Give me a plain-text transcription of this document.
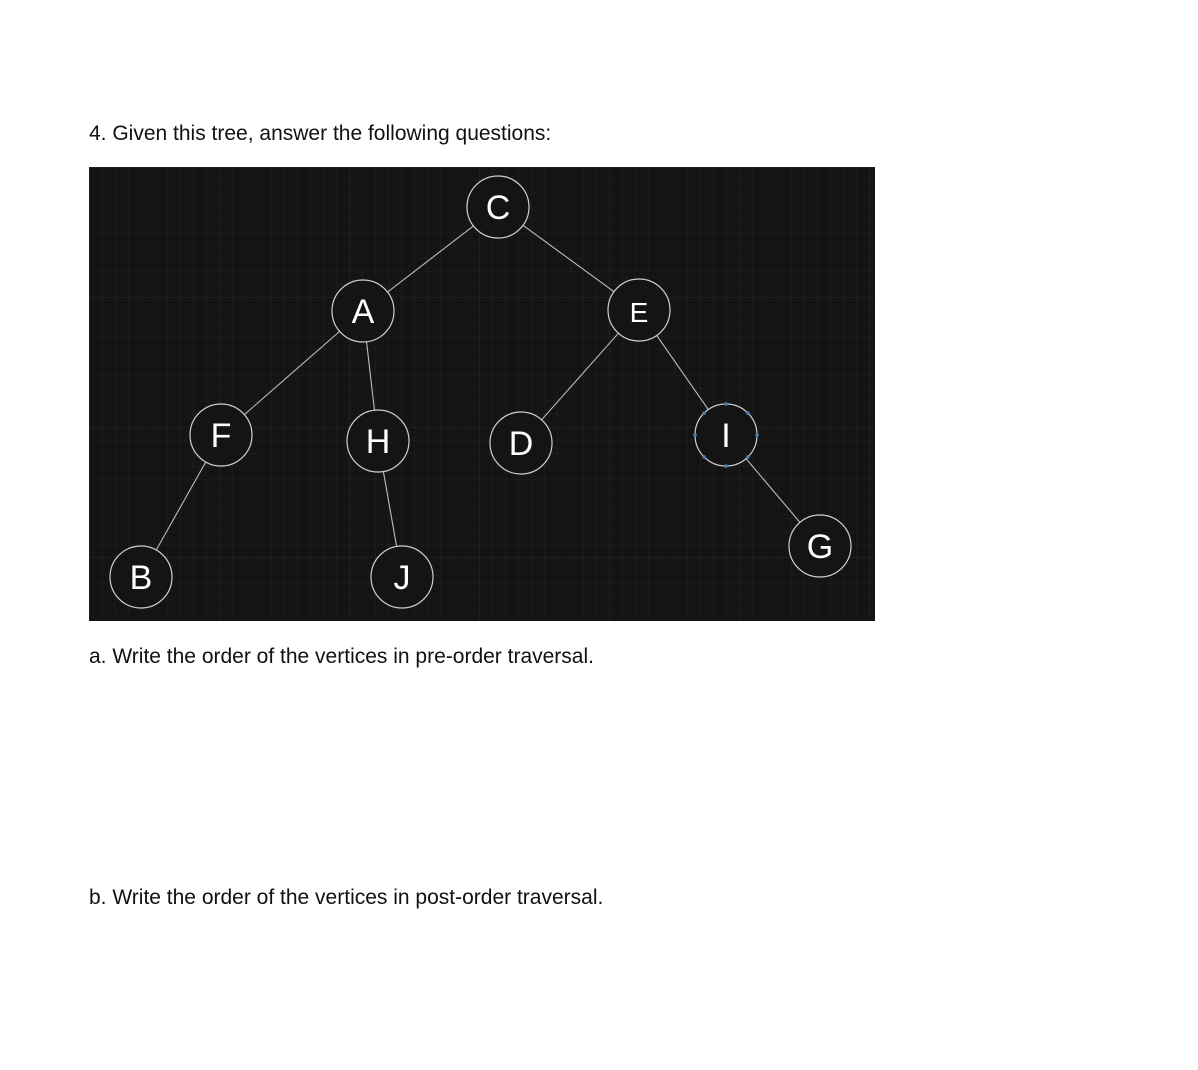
4. Given this tree, answer the following questions:
C
A	E
F	H	D	I
B	J
G
a. Write the order of the vertices in pre-order traversal.
b. Write the order of the vertices in post-order traversal.
